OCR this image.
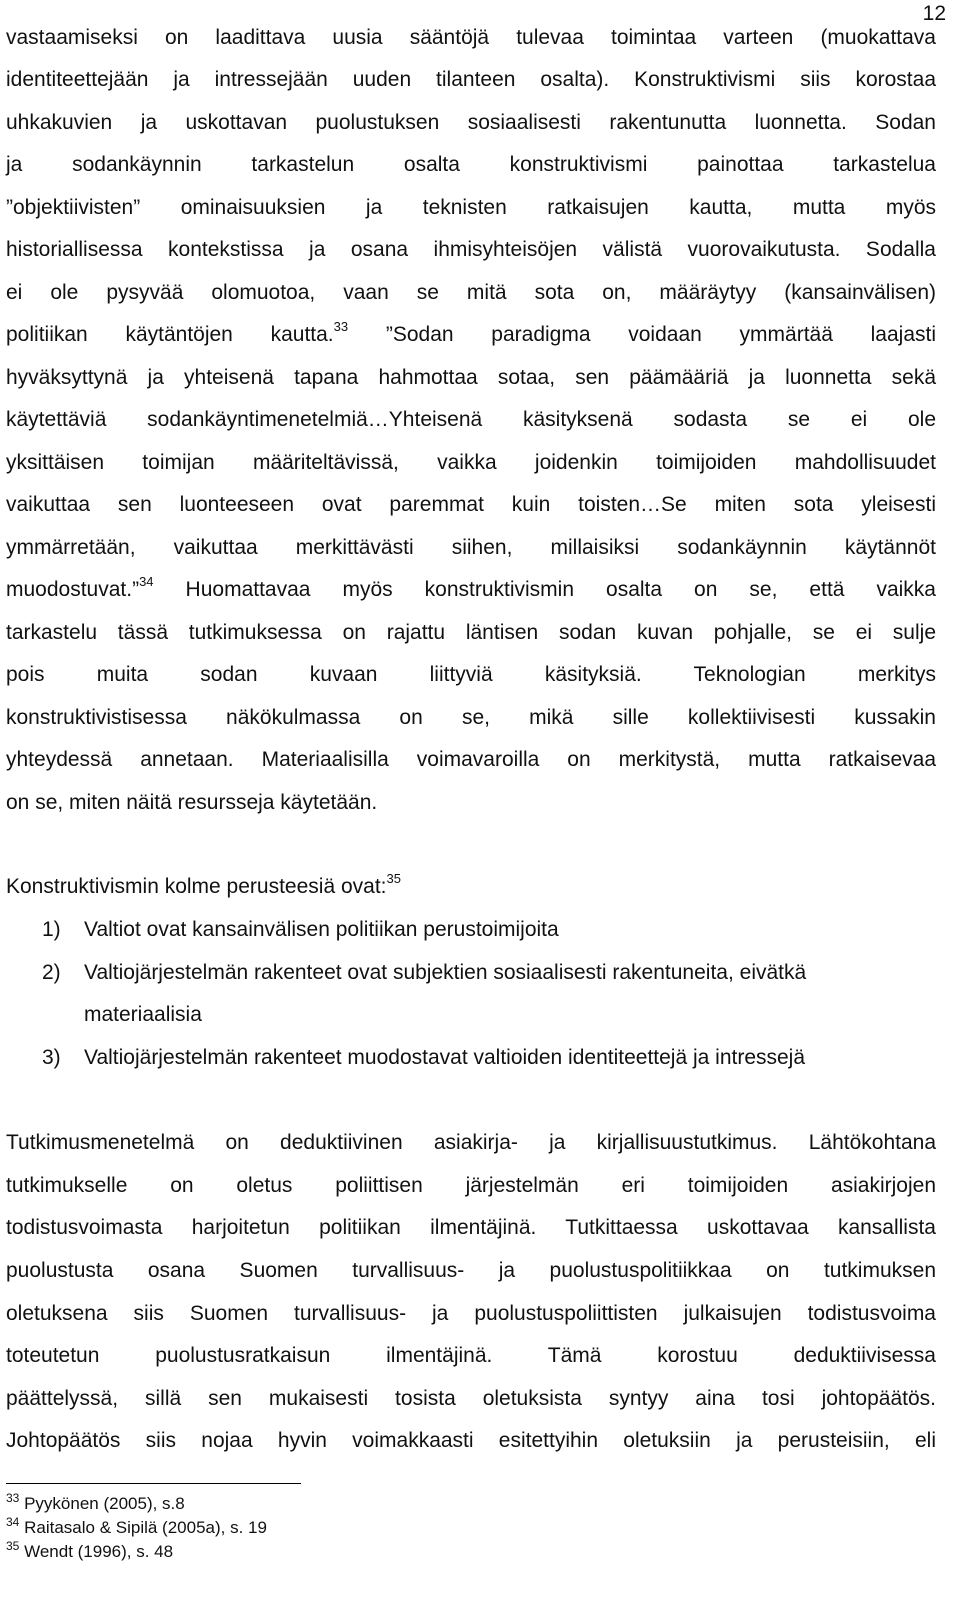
12
vastaamiseksi on laadittava uusia sääntöjä tulevaa toimintaa varteen (muokattava
identiteettejään ja intressejään uuden tilanteen osalta). Konstruktivismi siis korostaa
uhkakuvien ja uskottavan puolustuksen sosiaalisesti rakentunutta luonnetta. Sodan
ja sodankäynnin tarkastelun osalta konstruktivismi painottaa tarkastelua
”objektiivisten” ominaisuuksien ja teknisten ratkaisujen kautta, mutta myös
historiallisessa kontekstissa ja osana ihmisyhteisöjen välistä vuorovaikutusta. Sodalla
ei ole pysyvää olomuotoa, vaan se mitä sota on, määräytyy (kansainvälisen)
politiikan käytäntöjen kautta.$^{33}$ ”Sodan paradigma voidaan ymmärtää laajasti
hyväksyttynä ja yhteisenä tapana hahmottaa sotaa, sen päämääriä ja luonnetta sekä
käytettäviä sodankäyntimenetelmiä…Yhteisenä käsityksenä sodasta se ei ole
yksittäisen toimijan määriteltävissä, vaikka joidenkin toimijoiden mahdollisuudet
vaikuttaa sen luonteeseen ovat paremmat kuin toisten…Se miten sota yleisesti
ymmärretään, vaikuttaa merkittävästi siihen, millaisiksi sodankäynnin käytännöt
muodostuvat.”$^{34}$ Huomattavaa myös konstruktivismin osalta on se, että vaikka
tarkastelu tässä tutkimuksessa on rajattu läntisen sodan kuvan pohjalle, se ei sulje
pois muita sodan kuvaan liittyviä käsityksiä. Teknologian merkitys
konstruktivistisessa näkökulmassa on se, mikä sille kollektiivisesti kussakin
yhteydessä annetaan. Materiaalisilla voimavaroilla on merkitystä, mutta ratkaisevaa
on se, miten näitä resursseja käytetään.
Konstruktivismin kolme perusteesiä ovat:$^{35}$
1) Valtiot ovat kansainvälisen politiikan perustoimijoita
2) Valtiojärjestelmän rakenteet ovat subjektien sosiaalisesti rakentuneita, eivätkä
materiaalisia
3) Valtiojärjestelmän rakenteet muodostavat valtioiden identiteettejä ja intressejä
Tutkimusmenetelmä on deduktiivinen asiakirja- ja kirjallisuustutkimus. Lähtökohtana
tutkimukselle on oletus poliittisen järjestelmän eri toimijoiden asiakirjojen
todistusvoimasta harjoitetun politiikan ilmentäjinä. Tutkittaessa uskottavaa kansallista
puolustusta osana Suomen turvallisuus- ja puolustuspolitiikkaa on tutkimuksen
oletuksena siis Suomen turvallisuus- ja puolustuspoliittisten julkaisujen todistusvoima
toteutetun puolustusratkaisun ilmentäjinä. Tämä korostuu deduktiivisessa
päättelyssä, sillä sen mukaisesti tosista oletuksista syntyy aina tosi johtopäätös.
Johtopäätös siis nojaa hyvin voimakkaasti esitettyihin oletuksiin ja perusteisiin, eli
$^{33}$ Pyykönen (2005), s.8
$^{34}$ Raitasalo & Sipilä (2005a), s. 19
$^{35}$ Wendt (1996), s. 48
